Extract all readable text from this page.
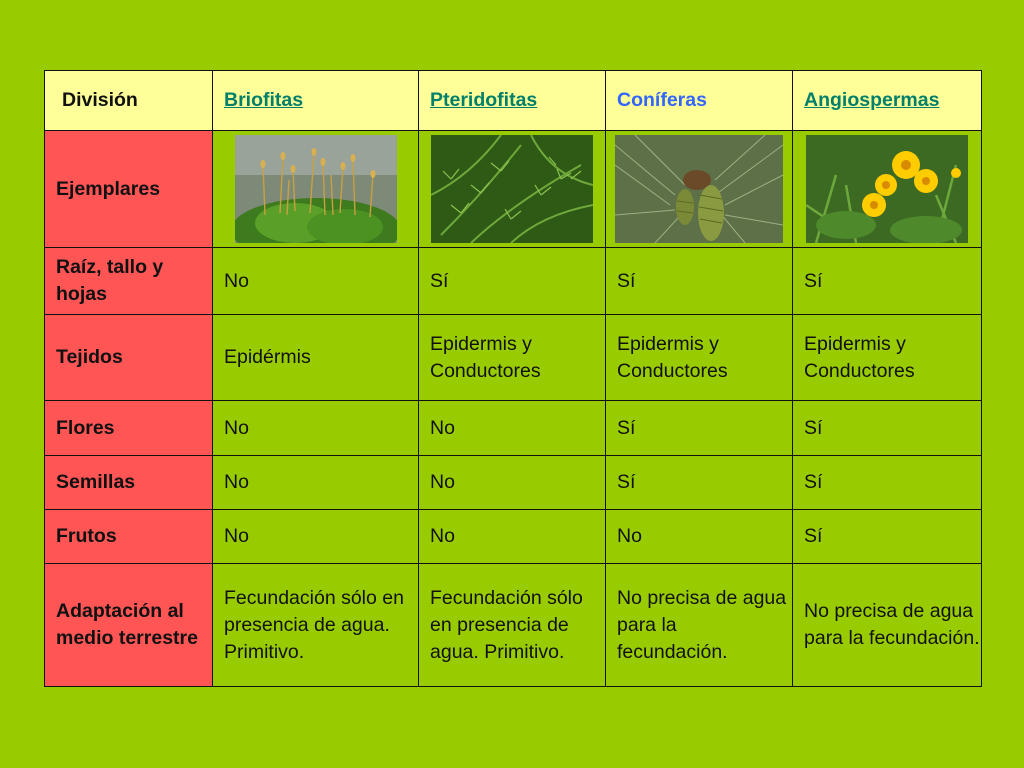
División	Briofitas	Pteridofitas	Coníferas	Angiospermas
Ejemplares	

Raíz, tallo y hojas	No	Sí	Sí	Sí
Tejidos	Epidérmis	Epidermis y Conductores	Epidermis y Conductores	Epidermis y Conductores
Flores	No	No	Sí	Sí
Semillas	No	No	Sí	Sí
Frutos	No	No	No	Sí
Adaptación al medio terrestre	Fecundación sólo en presencia de agua. Primitivo.	Fecundación sólo en presencia de agua. Primitivo.	No precisa de agua para la fecundación.	No precisa de agua para la fecundación.
